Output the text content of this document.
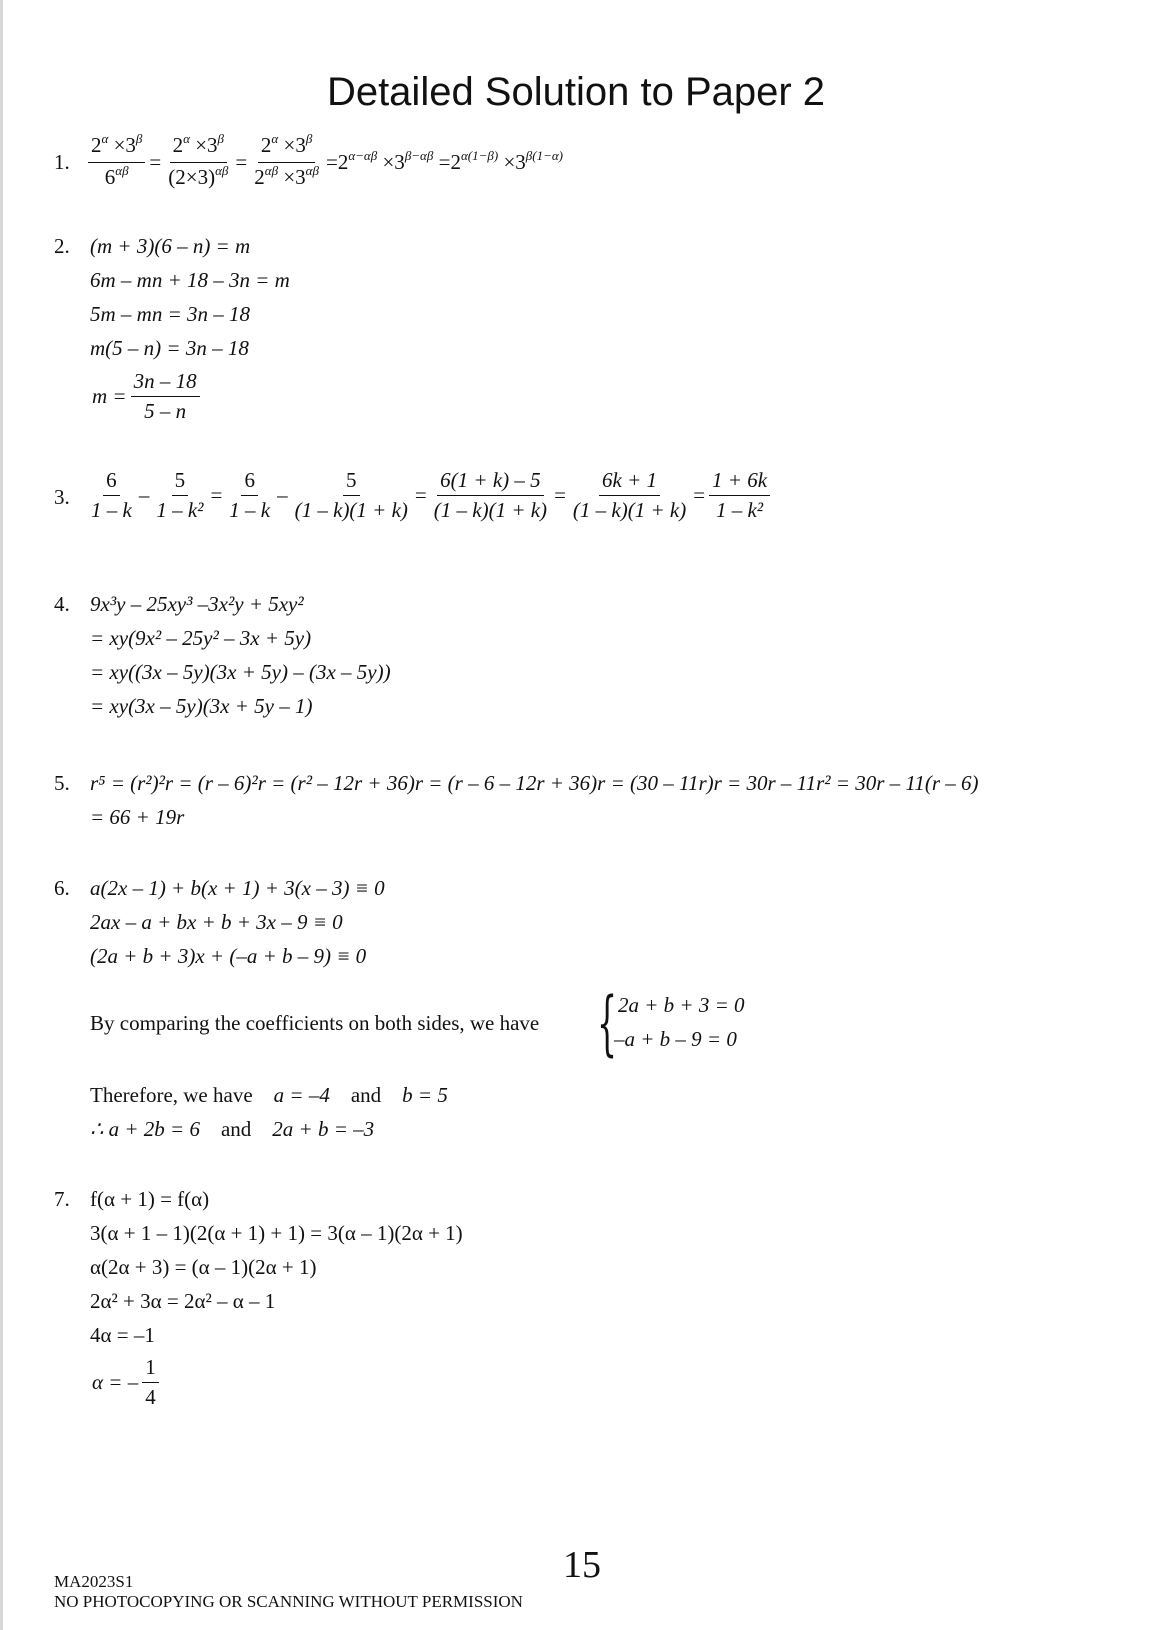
Detailed Solution to Paper 2
1. $\frac{2^\alpha \times 3^\beta}{6^{\alpha\beta}} = \frac{2^\alpha \times 3^\beta}{(2\times 3)^{\alpha\beta}} = \frac{2^\alpha \times 3^\beta}{2^{\alpha\beta} \times 3^{\alpha\beta}} =2^{\alpha-\alpha\beta} \times 3^{\beta-\alpha\beta} =2^{\alpha(1-\beta)} \times 3^{\beta(1-\alpha)}$
2. (m + 3)(6 – n) = m
6m – mn + 18 – 3n = m
5m – mn = 3n – 18
m(5 – n) = 3n – 18
$m = \frac{3n - 18}{5 - n}$
3. $\frac{6}{1 - k} - \frac{5}{\text{1 – k²}} = \frac{6}{1 - k} - \frac{5}{(1 - k)(1 + k)} = \frac{6(1 + k) - 5}{(1 - k)(1 + k)} = \frac{6k + 1}{(1 - k)(1 + k)} = \frac{1 + 6k}{\text{1 – k²}}$
4. 9x³y – 25xy³ –3x²y + 5xy²
= xy(9x² – 25y² – 3x + 5y)
= xy((3x – 5y)(3x + 5y) – (3x – 5y))
= xy(3x – 5y)(3x + 5y – 1)
5. r⁵ = (r²)²r = (r – 6)²r = (r² – 12r + 36)r = (r – 6 – 12r + 36)r = (30 – 11r)r = 30r – 11r² = 30r – 11(r – 6)
= 66 + 19r
6. a(2x – 1) + b(x + 1) + 3(x – 3) ≡ 0
2ax – a + bx + b + 3x – 9 ≡ 0
(2a + b + 3)x + (–a + b – 9) ≡ 0
By comparing the coefficients on both sides, we have { 2a + b + 3 = 0
–a + b – 9 = 0
Therefore, we have a = –4 and b = 5
∴ a + 2b = 6 and 2a + b = –3
7. f(α + 1) = f(α)
3(α + 1 – 1)(2(α + 1) + 1) = 3(α – 1)(2α + 1)
α(2α + 3) = (α – 1)(2α + 1)
2α² + 3α = 2α² – α – 1
4α = –1
α = – $\frac{1}{4}$
MA2023S1	15
NO PHOTOCOPYING OR SCANNING WITHOUT PERMISSION
